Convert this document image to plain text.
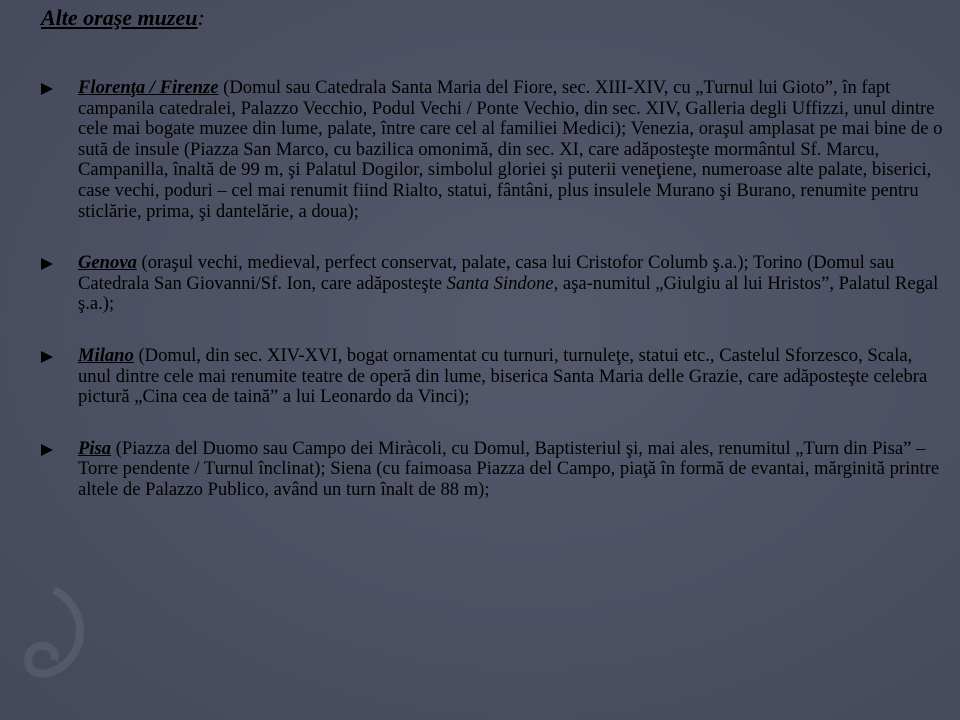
Alte oraşe muzeu:
Florenţa / Firenze (Domul sau Catedrala Santa Maria del Fiore, sec. XIII-XIV, cu „Turnul lui Gioto”, în fapt campanila catedralei, Palazzo Vecchio, Podul Vechi / Ponte Vechio, din sec. XIV, Galleria degli Uffizzi, unul dintre cele mai bogate muzee din lume, palate, între care cel al familiei Medici); Venezia, oraşul amplasat pe mai bine de o sută de insule (Piazza San Marco, cu bazilica omonimă, din sec. XI, care adăposteşte mormântul Sf. Marcu, Campanilla, înaltă de 99 m, şi Palatul Dogilor, simbolul gloriei şi puterii veneţiene, numeroase alte palate, biserici, case vechi, poduri – cel mai renumit fiind Rialto, statui, fântâni, plus insulele Murano şi Burano, renumite pentru sticlărie, prima, şi dantelărie, a doua);
Genova (oraşul vechi, medieval, perfect conservat, palate, casa lui Cristofor Columb ş.a.); Torino (Domul sau Catedrala San Giovanni/Sf. Ion, care adăposteşte Santa Sindone, aşa-numitul „Giulgiu al lui Hristos”, Palatul Regal ş.a.);
Milano (Domul, din sec. XIV-XVI, bogat ornamentat cu turnuri, turnuleţe, statui etc., Castelul Sforzesco, Scala, unul dintre cele mai renumite teatre de operă din lume, biserica Santa Maria delle Grazie, care adăposteşte celebra pictură „Cina cea de taină” a lui Leonardo da Vinci);
Pisa (Piazza del Duomo sau Campo dei Miràcoli, cu Domul, Baptisteriul şi, mai ales, renumitul „Turn din Pisa” – Torre pendente / Turnul înclinat); Siena (cu faimoasa Piazza del Campo, piaţă în formă de evantai, mărginită printre altele de Palazzo Publico, având un turn înalt de 88 m);
